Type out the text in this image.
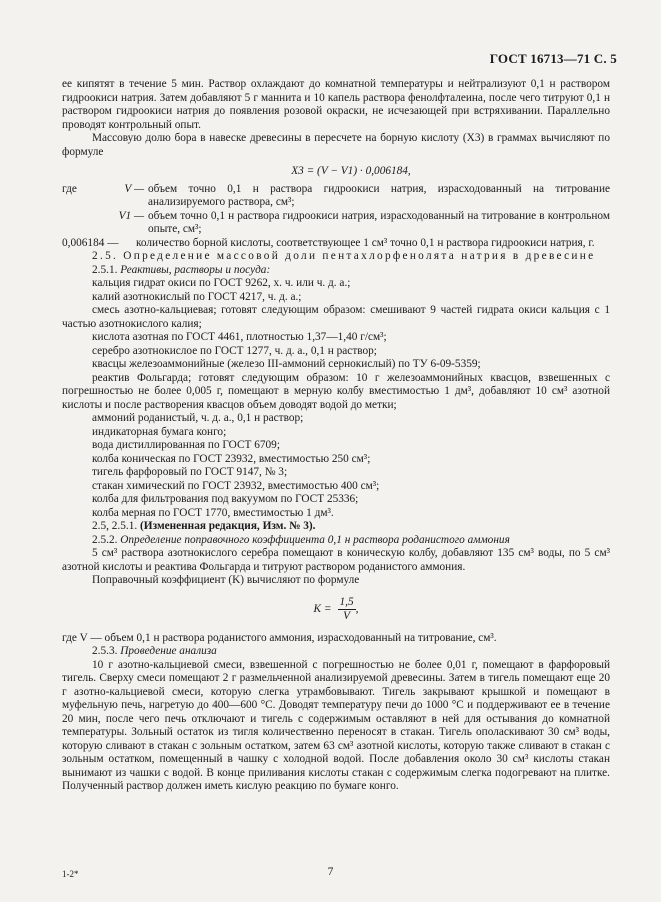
ГОСТ 16713—71 С. 5

ее кипятят в течение 5 мин. Раствор охлаждают до комнатной температуры и нейтрализуют 0,1 н раствором гидроокиси натрия. Затем добавляют 5 г маннита и 10 капель раствора фенолфталеина, после чего титруют 0,1 н раствором гидроокиси натрия до появления розовой окраски, не исчезающей при встряхивании. Параллельно проводят контрольный опыт.

Массовую долю бора в навеске древесины в пересчете на борную кислоту (X3) в граммах вычисляют по формуле

X3 = (V − V1) · 0,006184,

где	V — объем точно 0,1 н раствора гидроокиси натрия, израсходованный на титрование анализируемого раствора, см³;
V1 — объем точно 0,1 н раствора гидроокиси натрия, израсходованный на титрование в контрольном опыте, см³;
0,006184 —	количество борной кислоты, соответствующее 1 см³ точно 0,1 н раствора гидроокиси натрия, г.

2.5. Определение массовой доли пентахлорфенолята натрия в древесине

2.5.1. Реактивы, растворы и посуда:

кальция гидрат окиси по ГОСТ 9262, х. ч. или ч. д. а.;

калий азотнокислый по ГОСТ 4217, ч. д. а.;

смесь азотно-кальциевая; готовят следующим образом: смешивают 9 частей гидрата окиси кальция с 1 частью азотнокислого калия;

кислота азотная по ГОСТ 4461, плотностью 1,37—1,40 г/см³;

серебро азотнокислое по ГОСТ 1277, ч. д. а., 0,1 н раствор;

квасцы железоаммонийные (железо III-аммоний сернокислый) по ТУ 6-09-5359;

реактив Фольгарда; готовят следующим образом: 10 г железоаммонийных квасцов, взвешенных с погрешностью не более 0,005 г, помещают в мерную колбу вместимостью 1 дм³, добавляют 10 см³ азотной кислоты и после растворения квасцов объем доводят водой до метки;

аммоний роданистый, ч. д. а., 0,1 н раствор;

индикаторная бумага конго;

вода дистиллированная по ГОСТ 6709;

колба коническая по ГОСТ 23932, вместимостью 250 см³;

тигель фарфоровый по ГОСТ 9147, № 3;

стакан химический по ГОСТ 23932, вместимостью 400 см³;

колба для фильтрования под вакуумом по ГОСТ 25336;

колба мерная по ГОСТ 1770, вместимостью 1 дм³.

2.5, 2.5.1. (Измененная редакция, Изм. № 3).

2.5.2. Определение поправочного коэффициента 0,1 н раствора роданистого аммония

5 см³ раствора азотнокислого серебра помещают в коническую колбу, добавляют 135 см³ воды, по 5 см³ азотной кислоты и реактива Фольгарда и титруют раствором роданистого аммония.

Поправочный коэффициент (K) вычисляют по формуле

$K = \frac{1,5}{V}$ ,

где V — объем 0,1 н раствора роданистого аммония, израсходованный на титрование, см³.

2.5.3. Проведение анализа

10 г азотно-кальциевой смеси, взвешенной с погрешностью не более 0,01 г, помещают в фарфоровый тигель. Сверху смеси помещают 2 г размельченной анализируемой древесины. Затем в тигель помещают еще 20 г азотно-кальциевой смеси, которую слегка утрамбовывают. Тигель закрывают крышкой и помещают в муфельную печь, нагретую до 400—600 °С. Доводят температуру печи до 1000 °С и поддерживают ее в течение 20 мин, после чего печь отключают и тигель с содержимым оставляют в ней для остывания до комнатной температуры. Зольный остаток из тигля количественно переносят в стакан. Тигель ополаскивают 30 см³ воды, которую сливают в стакан с зольным остатком, затем 63 см³ азотной кислоты, которую также сливают в стакан с зольным остатком, помещенный в чашку с холодной водой. После добавления около 30 см³ кислоты стакан вынимают из чашки с водой. В конце приливания кислоты стакан с содержимым слегка подогревают на плитке. Полученный раствор должен иметь кислую реакцию по бумаге конго.

1-2*	7
